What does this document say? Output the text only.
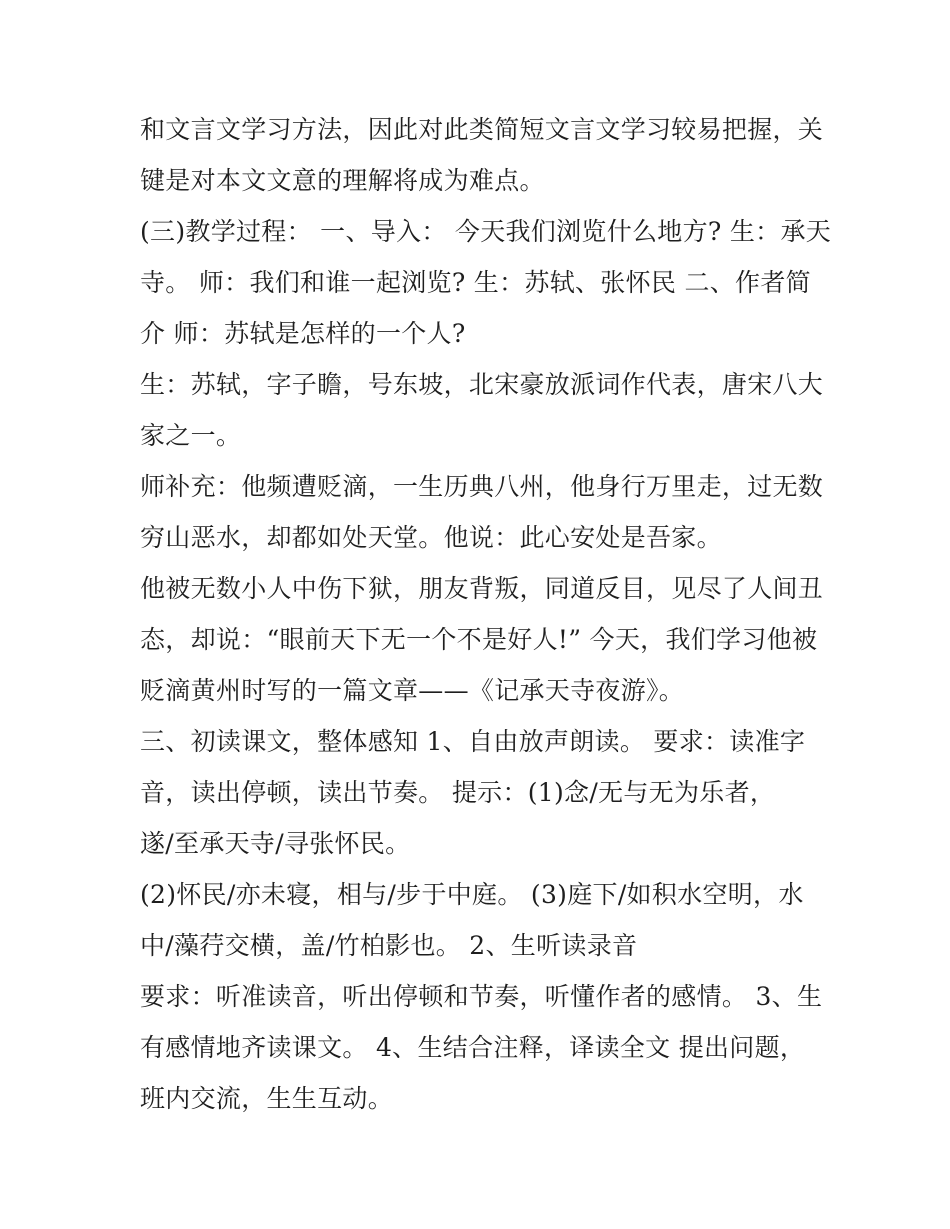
和文言文学习方法，因此对此类简短文言文学习较易把握，关
键是对本文文意的理解将成为难点。
(三)教学过程： 一、导入： 今天我们浏览什么地方? 生：承天
寺。 师：我们和谁一起浏览? 生：苏轼、张怀民 二、作者简
介 师：苏轼是怎样的一个人?
生：苏轼，字子瞻，号东坡，北宋豪放派词作代表，唐宋八大
家之一。
师补充：他频遭贬滴，一生历典八州，他身行万里走，过无数
穷山恶水，却都如处天堂。他说：此心安处是吾家。
他被无数小人中伤下狱，朋友背叛，同道反目，见尽了人间丑
态，却说：“眼前天下无一个不是好人!” 今天，我们学习他被
贬滴黄州时写的一篇文章——《记承天寺夜游》。
三、初读课文，整体感知 1、自由放声朗读。 要求：读准字
音，读出停顿，读出节奏。 提示：(1)念/无与无为乐者，
遂/至承天寺/寻张怀民。
(2)怀民/亦未寝，相与/步于中庭。 (3)庭下/如积水空明，水
中/藻荇交横，盖/竹柏影也。 2、生听读录音
要求：听准读音，听出停顿和节奏，听懂作者的感情。 3、生
有感情地齐读课文。 4、生结合注释，译读全文 提出问题，
班内交流，生生互动。
